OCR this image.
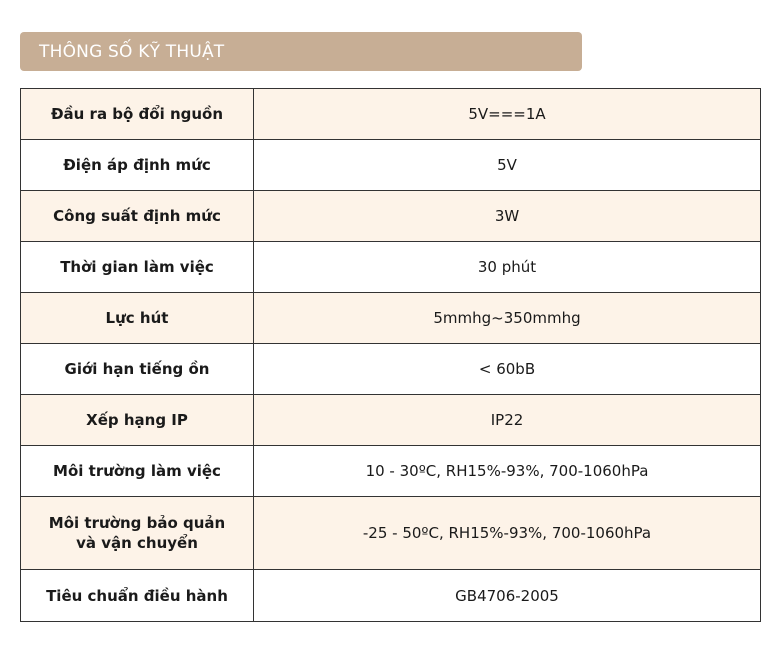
THÔNG SỐ KỸ THUẬT
Đầu ra bộ đổi nguồn	5V===1A
Điện áp định mức	5V
Công suất định mức	3W
Thời gian làm việc	30 phút
Lực hút	5mmhg~350mmhg
Giới hạn tiếng ồn	< 60bB
Xếp hạng IP	IP22
Môi trường làm việc	10 - 30ºC, RH15%-93%, 700-1060hPa
Môi trường bảo quản
và vận chuyển	-25 - 50ºC, RH15%-93%, 700-1060hPa
Tiêu chuẩn điều hành	GB4706-2005
